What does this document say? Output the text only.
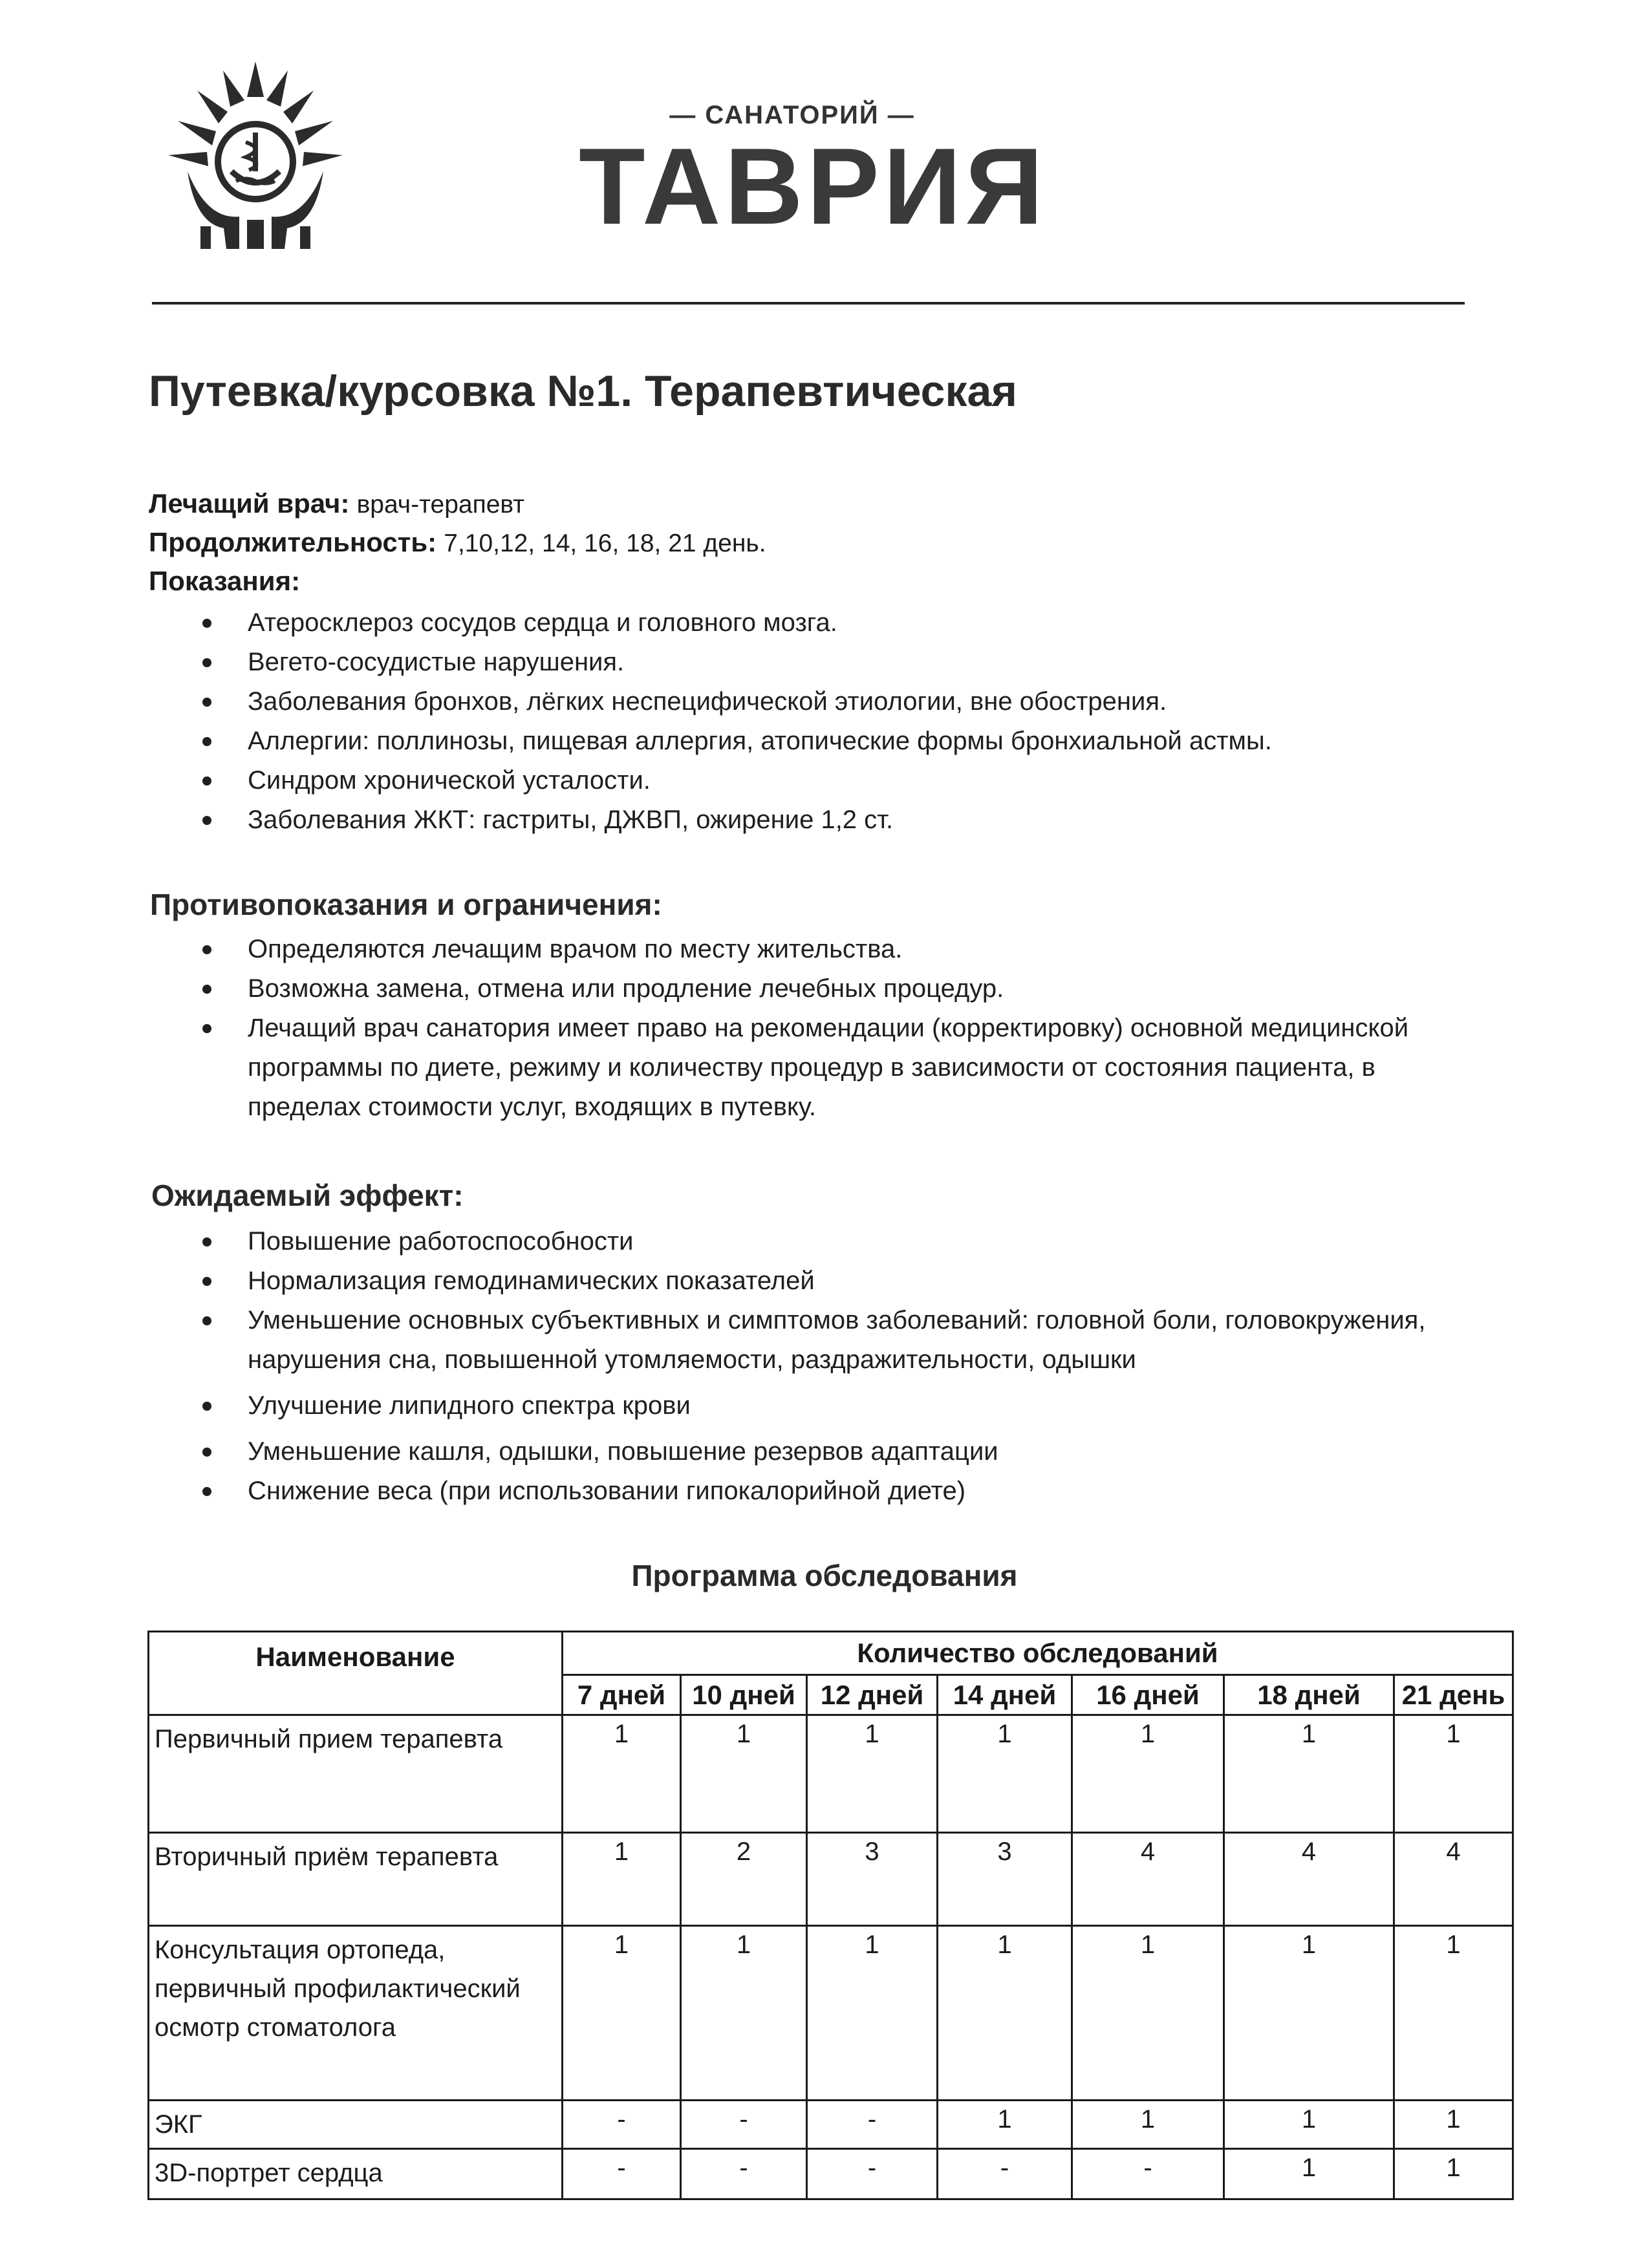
— САНАТОРИЙ —
ТАВРИЯ
Путевка/курсовка №1. Терапевтическая
Лечащий врач: врач-терапевт
Продолжительность: 7,10,12, 14, 16, 18, 21 день.
Показания:
Атеросклероз сосудов сердца и головного мозга.
Вегето-сосудистые нарушения.
Заболевания бронхов, лёгких неспецифической этиологии, вне обострения.
Аллергии: поллинозы, пищевая аллергия, атопические формы бронхиальной астмы.
Синдром хронической усталости.
Заболевания ЖКТ: гастриты, ДЖВП, ожирение 1,2 ст.
Противопоказания и ограничения:
Определяются лечащим врачом по месту жительства.
Возможна замена, отмена или продление лечебных процедур.
Лечащий врач санатория имеет право на рекомендации (корректировку) основной медицинской программы по диете, режиму и количеству процедур в зависимости от состояния пациента, в пределах стоимости услуг, входящих в путевку.
Ожидаемый эффект:
Повышение работоспособности
Нормализация гемодинамических показателей
Уменьшение основных субъективных и симптомов заболеваний: головной боли, головокружения, нарушения сна, повышенной утомляемости, раздражительности, одышки
Улучшение липидного спектра крови
Уменьшение кашля, одышки, повышение резервов адаптации
Снижение веса (при использовании гипокалорийной диете)
Программа обследования
Наименование	Количество обследований						
	7 дней	10 дней	12 дней	14 дней	16 дней	18 дней	21 день
Первичный прием терапевта	1	1	1	1	1	1	1
Вторичный приём терапевта	1	2	3	3	4	4	4
Консультация ортопеда, первичный профилактический осмотр стоматолога	1	1	1	1	1	1	1
ЭКГ	-	-	-	1	1	1	1
3D-портрет сердца	-	-	-	-	-	1	1
